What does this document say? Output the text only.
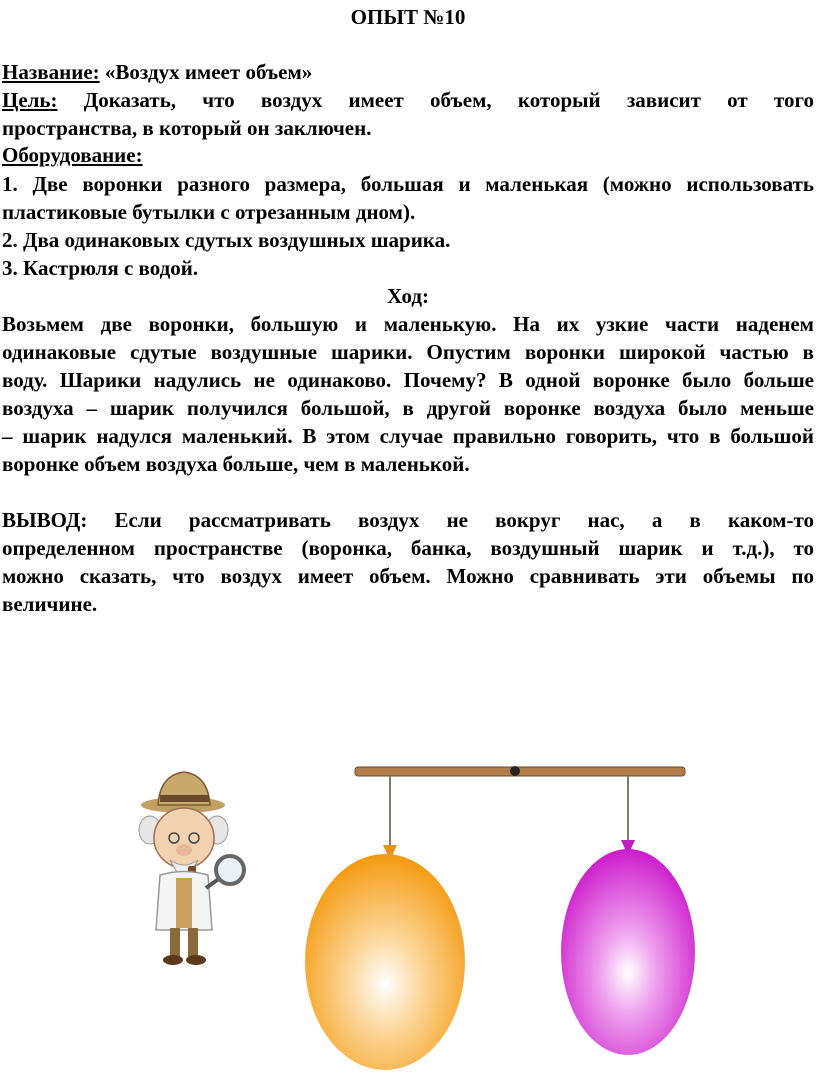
ОПЫТ №10
Название: «Воздух имеет объем»
Цель: Доказать, что воздух имеет объем, который зависит от того
пространства, в который он заключен.
Оборудование:
1. Две воронки разного размера, большая и маленькая (можно использовать
пластиковые бутылки с отрезанным дном).
2. Два одинаковых сдутых воздушных шарика.
3. Кастрюля с водой.
Ход:
Возьмем две воронки, большую и маленькую. На их узкие части наденем
одинаковые сдутые воздушные шарики. Опустим воронки широкой частью в
воду. Шарики надулись не одинаково. Почему? В одной воронке было больше
воздуха – шарик получился большой, в другой воронке воздуха было меньше
– шарик надулся маленький. В этом случае правильно говорить, что в большой
воронке объем воздуха больше, чем в маленькой.
ВЫВОД: Если рассматривать воздух не вокруг нас, а в каком-то
определенном пространстве (воронка, банка, воздушный шарик и т.д.), то
можно сказать, что воздух имеет объем. Можно сравнивать эти объемы по
величине.
